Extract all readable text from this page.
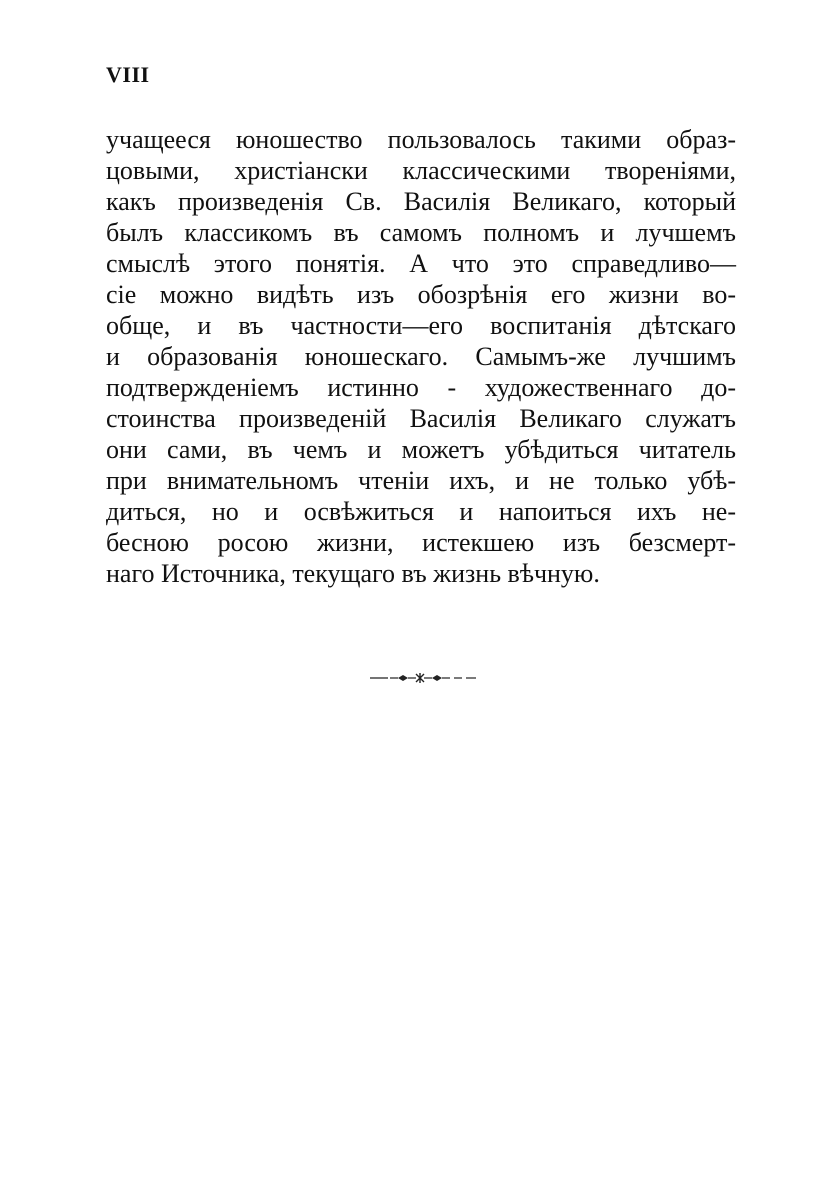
VIII
учащееся юношество пользовалось такими образ-
цовыми, христіански классическими твореніями,
какъ произведенія Св. Василія Великаго, который
былъ классикомъ въ самомъ полномъ и лучшемъ
смыслѣ этого понятія. А что это справедливо—
сіе можно видѣть изъ обозрѣнія его жизни во-
обще, и въ частности—его воспитанія дѣтскаго
и образованія юношескаго. Самымъ-же лучшимъ
подтвержденіемъ истинно - художественнаго до-
стоинства произведеній Василія Великаго служатъ
они сами, въ чемъ и можетъ убѣдиться читатель
при внимательномъ чтеніи ихъ, и не только убѣ-
диться, но и освѣжиться и напоиться ихъ не-
бесною росою жизни, истекшею изъ безсмерт-
наго Источника, текущаго въ жизнь вѣчную.
